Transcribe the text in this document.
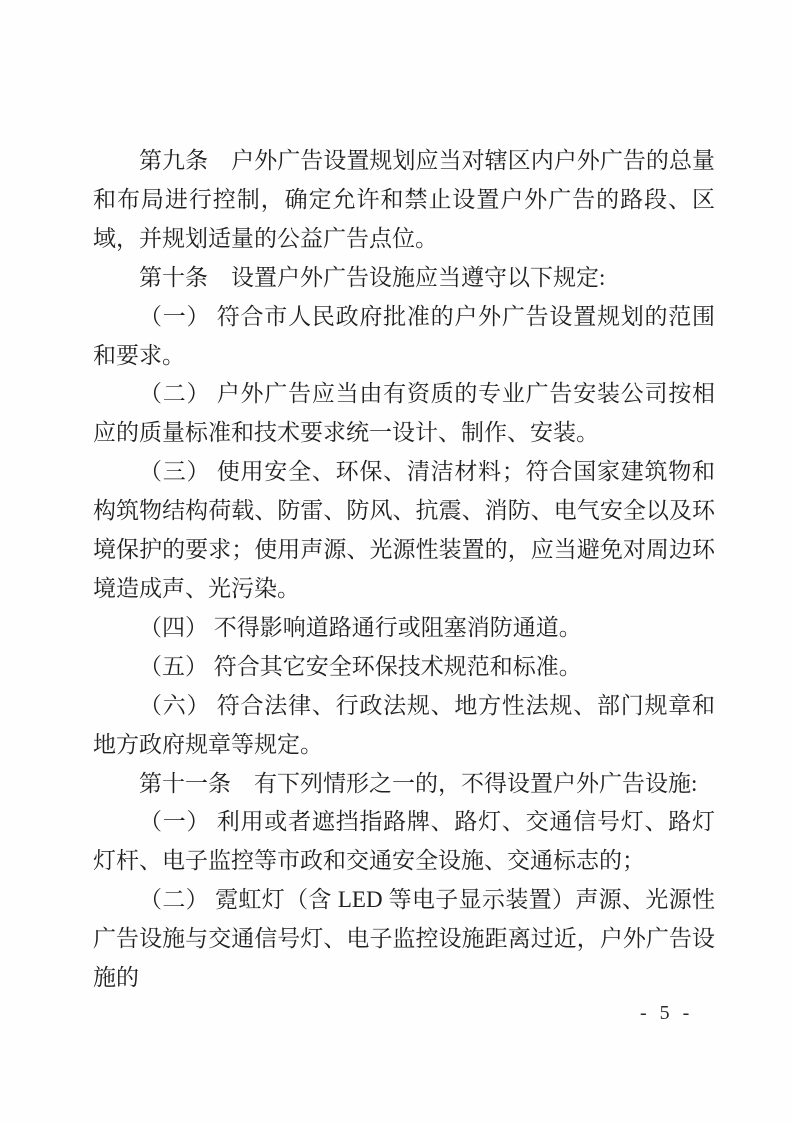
第九条　户外广告设置规划应当对辖区内户外广告的总量和布局进行控制，确定允许和禁止设置户外广告的路段、区域，并规划适量的公益广告点位。

第十条　设置户外广告设施应当遵守以下规定:

（一） 符合市人民政府批准的户外广告设置规划的范围和要求。

（二） 户外广告应当由有资质的专业广告安装公司按相应的质量标准和技术要求统一设计、制作、安装。

（三） 使用安全、环保、清洁材料；符合国家建筑物和构筑物结构荷载、防雷、防风、抗震、消防、电气安全以及环境保护的要求；使用声源、光源性装置的，应当避免对周边环境造成声、光污染。

（四） 不得影响道路通行或阻塞消防通道。

（五） 符合其它安全环保技术规范和标准。

（六） 符合法律、行政法规、地方性法规、部门规章和地方政府规章等规定。

第十一条　有下列情形之一的，不得设置户外广告设施:

（一） 利用或者遮挡指路牌、路灯、交通信号灯、路灯灯杆、电子监控等市政和交通安全设施、交通标志的；

（二） 霓虹灯（含 LED 等电子显示装置）声源、光源性广告设施与交通信号灯、电子监控设施距离过近，户外广告设施的

- 5 -
